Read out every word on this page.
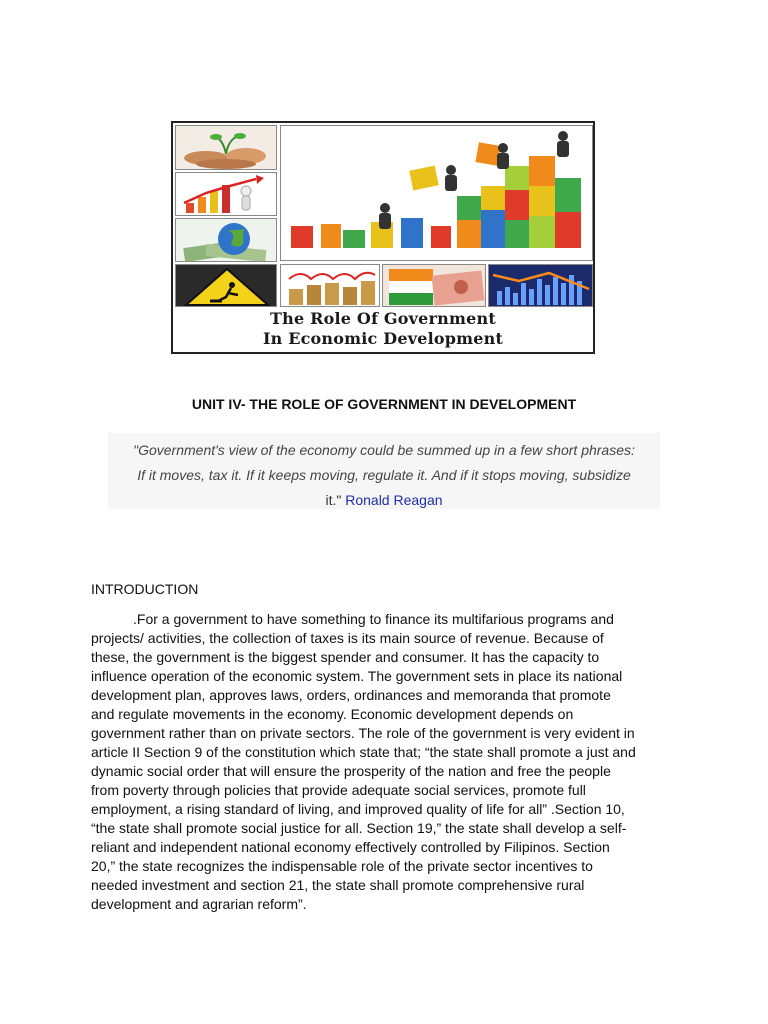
The Role Of Government
In Economic Development
UNIT IV- THE ROLE OF GOVERNMENT IN DEVELOPMENT

"Government's view of the economy could be summed up in a few short phrases:
If it moves, tax it. If it keeps moving, regulate it. And if it stops moving, subsidize
it." Ronald Reagan

INTRODUCTION
.For a government to have something to finance its multifarious programs and
projects/ activities, the collection of taxes is its main source of revenue. Because of
these, the government is the biggest spender and consumer. It has the capacity to
influence operation of the economic system. The government sets in place its national
development plan, approves laws, orders, ordinances and memoranda that promote
and regulate movements in the economy. Economic development depends on
government rather than on private sectors. The role of the government is very evident in
article II Section 9 of the constitution which state that; “the state shall promote a just and
dynamic social order that will ensure the prosperity of the nation and free the people
from poverty through policies that provide adequate social services, promote full
employment, a rising standard of living, and improved quality of life for all” .Section 10,
“the state shall promote social justice for all. Section 19,” the state shall develop a self-
reliant and independent national economy effectively controlled by Filipinos. Section
20,” the state recognizes the indispensable role of the private sector incentives to
needed investment and section 21, the state shall promote comprehensive rural
development and agrarian reform”.
